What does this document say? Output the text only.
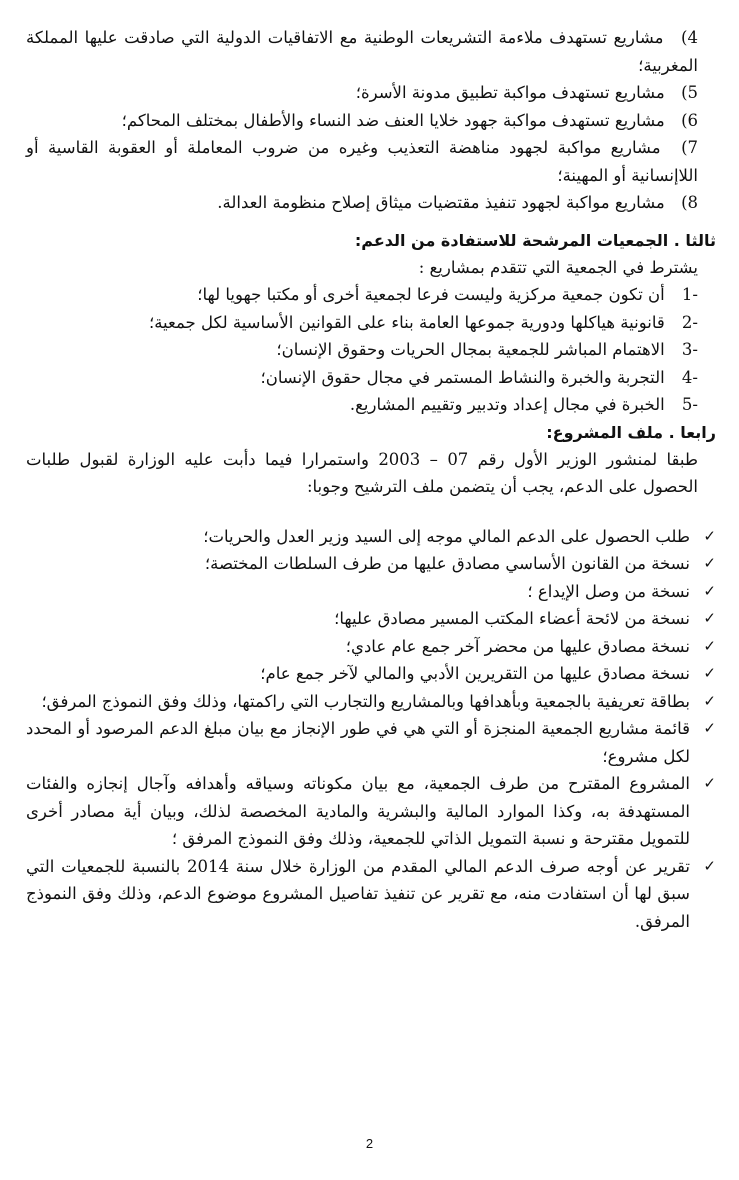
4) مشاريع تستهدف ملاءمة التشريعات الوطنية مع الاتفاقيات الدولية التي صادقت عليها المملكة المغربية؛

5) مشاريع تستهدف مواكبة تطبيق مدونة الأسرة؛

6) مشاريع تستهدف مواكبة جهود خلايا العنف ضد النساء والأطفال بمختلف المحاكم؛

7) مشاريع مواكبة لجهود مناهضة التعذيب وغيره من ضروب المعاملة أو العقوبة القاسية أو اللاإنسانية أو المهينة؛

8) مشاريع مواكبة لجهود تنفيذ مقتضيات ميثاق إصلاح منظومة العدالة.

ثالثا . الجمعيات المرشحة للاستفادة من الدعم:

يشترط في الجمعية التي تتقدم بمشاريع :

-1 أن تكون جمعية مركزية وليست فرعا لجمعية أخرى أو مكتبا جهويا لها؛

-2 قانونية هياكلها ودورية جموعها العامة بناء على القوانين الأساسية لكل جمعية؛

-3 الاهتمام المباشر للجمعية بمجال الحريات وحقوق الإنسان؛

-4 التجربة والخبرة والنشاط المستمر في مجال حقوق الإنسان؛

-5 الخبرة في مجال إعداد وتدبير وتقييم المشاريع.

رابعا . ملف المشروع:

طبقا لمنشور الوزير الأول رقم 07 – 2003 واستمرارا فيما دأبت عليه الوزارة لقبول طلبات الحصول على الدعم، يجب أن يتضمن ملف الترشيح وجوبا:

✓
طلب الحصول على الدعم المالي موجه إلى السيد وزير العدل والحريات؛

✓
نسخة من القانون الأساسي مصادق عليها من طرف السلطات المختصة؛

✓
نسخة من وصل الإيداع ؛

✓
نسخة من لائحة أعضاء المكتب المسير مصادق عليها؛

✓
نسخة مصادق عليها من محضر آخر جمع عام عادي؛

✓
نسخة مصادق عليها من التقريرين الأدبي والمالي لآخر جمع عام؛

✓
بطاقة تعريفية بالجمعية وبأهدافها وبالمشاريع والتجارب التي راكمتها، وذلك وفق النموذج المرفق؛

✓
قائمة مشاريع الجمعية المنجزة أو التي هي في طور الإنجاز مع بيان مبلغ الدعم المرصود أو المحدد لكل مشروع؛

✓
المشروع المقترح من طرف الجمعية، مع بيان مكوناته وسياقه وأهدافه وآجال إنجازه والفئات المستهدفة به، وكذا الموارد المالية والبشرية والمادية المخصصة لذلك، وبيان أية مصادر أخرى للتمويل مقترحة و نسبة التمويل الذاتي للجمعية، وذلك وفق النموذج المرفق ؛

✓
تقرير عن أوجه صرف الدعم المالي المقدم من الوزارة خلال سنة 2014 بالنسبة للجمعيات التي سبق لها أن استفادت منه، مع تقرير عن تنفيذ تفاصيل المشروع موضوع الدعم، وذلك وفق النموذج المرفق.

2
